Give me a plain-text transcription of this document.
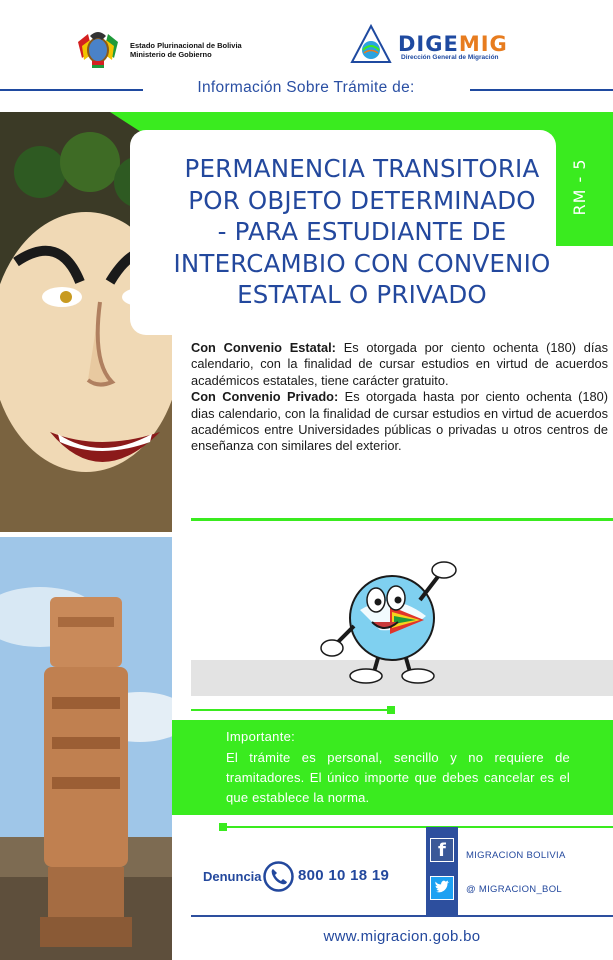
Estado Plurinacional de Bolivia
Ministerio de Gobierno	DIGEMIG
Dirección General de Migración
Información Sobre Trámite de:
PERMANENCIA TRANSITORIA
POR OBJETO DETERMINADO
- PARA ESTUDIANTE DE
INTERCAMBIO CON CONVENIO
ESTATAL O PRIVADO
RM - 5

Con Convenio Estatal: Es otorgada por ciento ochenta (180) días calendario, con la finalidad de cursar estudios en virtud de acuerdos académicos estatales, tiene carácter gratuito.

Con Convenio Privado: Es otorgada hasta por ciento ochenta (180) dias calendario, con la finalidad de cursar estudios en virtud de acuerdos académicos entre Universidades públicas o privadas u otros centros de enseñanza con similares del exterior.

Importante:
El trámite es personal, sencillo y no requiere de tramitadores. El único importe que debes cancelar es el que establece la norma.
Denuncia 800 10 18 19
f MIGRACION BOLIVIA
@ MIGRACION_BOL
www.migracion.gob.bo
